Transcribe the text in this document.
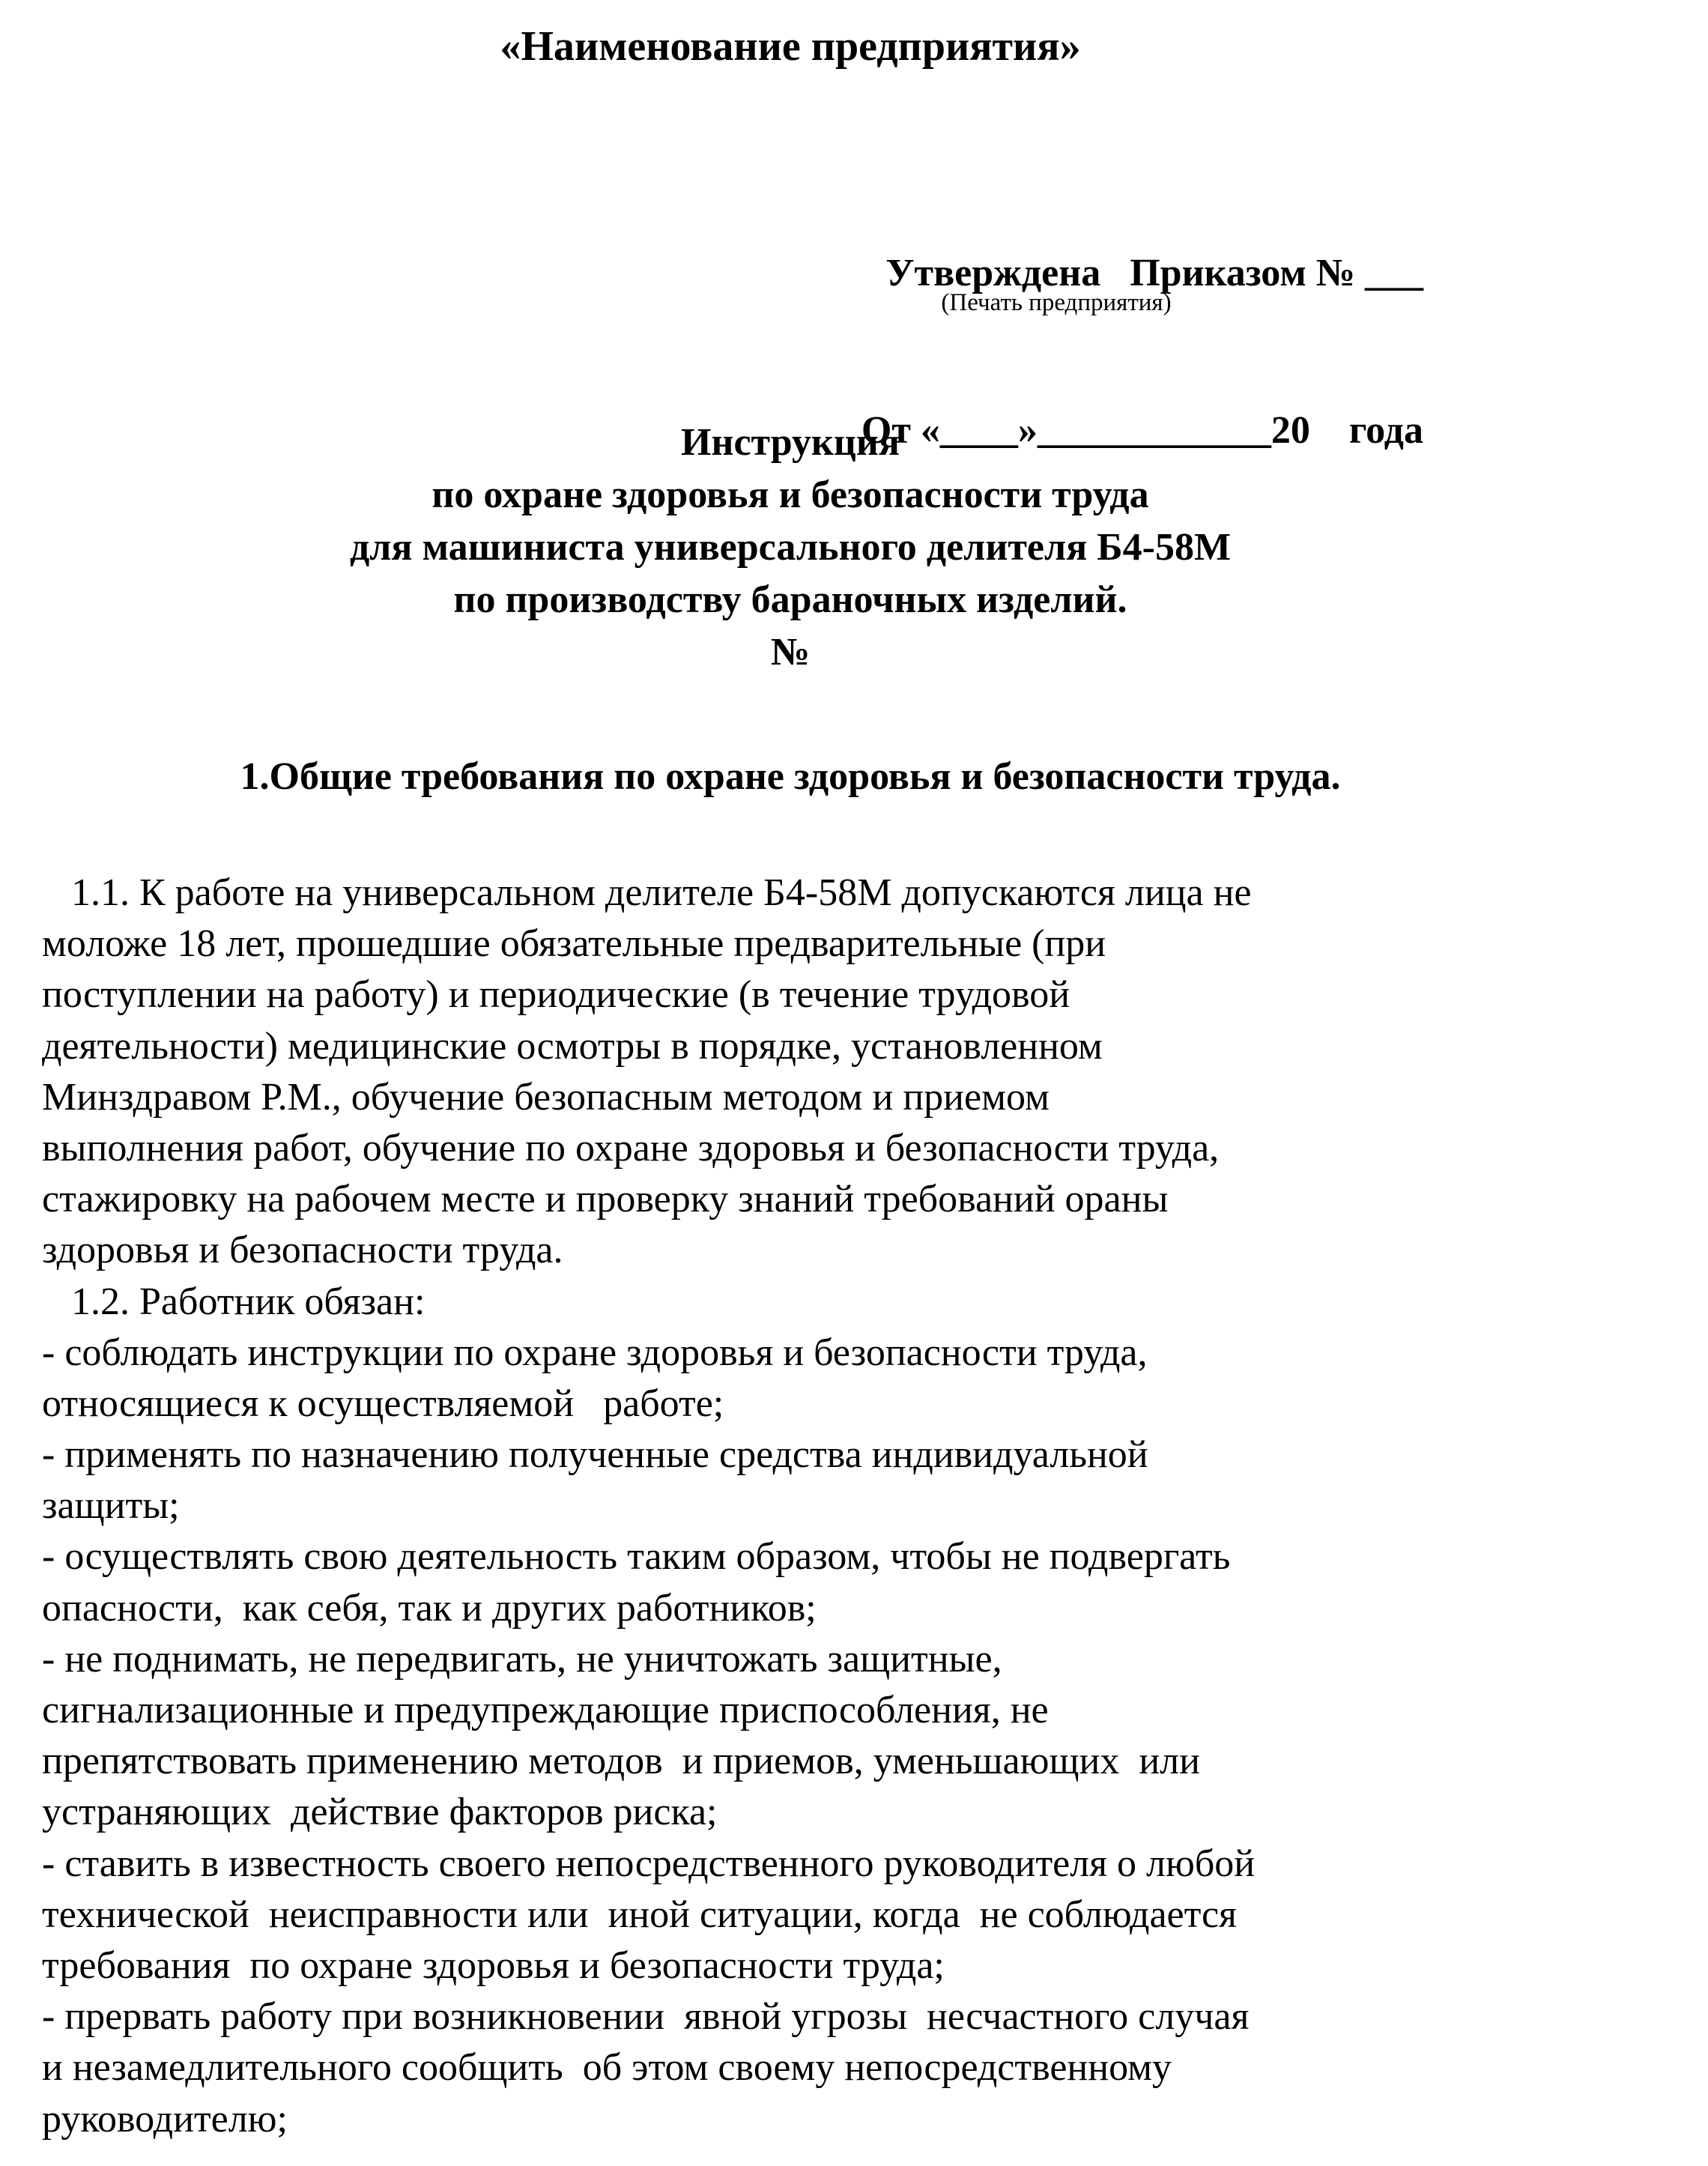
«Наименование предприятия»

Утверждена   Приказом № ___

От «____»____________20    года

(Печать предприятия)
Инструкция
по охране здоровья и безопасности труда
для машиниста универсального делителя Б4-58М
по производству бараночных изделий.
№
1.Общие требования по охране здоровья и безопасности труда.
1.1. К работе на универсальном делителе Б4-58М допускаются лица не
моложе 18 лет, прошедшие обязательные предварительные (при
поступлении на работу) и периодические (в течение трудовой
деятельности) медицинские осмотры в порядке, установленном
Минздравом Р.М., обучение безопасным методом и приемом
выполнения работ, обучение по охране здоровья и безопасности труда,
стажировку на рабочем месте и проверку знаний требований ораны
здоровья и безопасности труда.
1.2. Работник обязан:
- соблюдать инструкции по охране здоровья и безопасности труда,
относящиеся к осуществляемой   работе;
- применять по назначению полученные средства индивидуальной
защиты;
- осуществлять свою деятельность таким образом, чтобы не подвергать
опасности,  как себя, так и других работников;
- не поднимать, не передвигать, не уничтожать защитные,
сигнализационные и предупреждающие приспособления, не
препятствовать применению методов  и приемов, уменьшающих  или
устраняющих  действие факторов риска;
- ставить в известность своего непосредственного руководителя о любой
технической  неисправности или  иной ситуации, когда  не соблюдается
требования  по охране здоровья и безопасности труда;
- прервать работу при возникновении  явной угрозы  несчастного случая
и незамедлительного сообщить  об этом своему непосредственному
руководителю;
